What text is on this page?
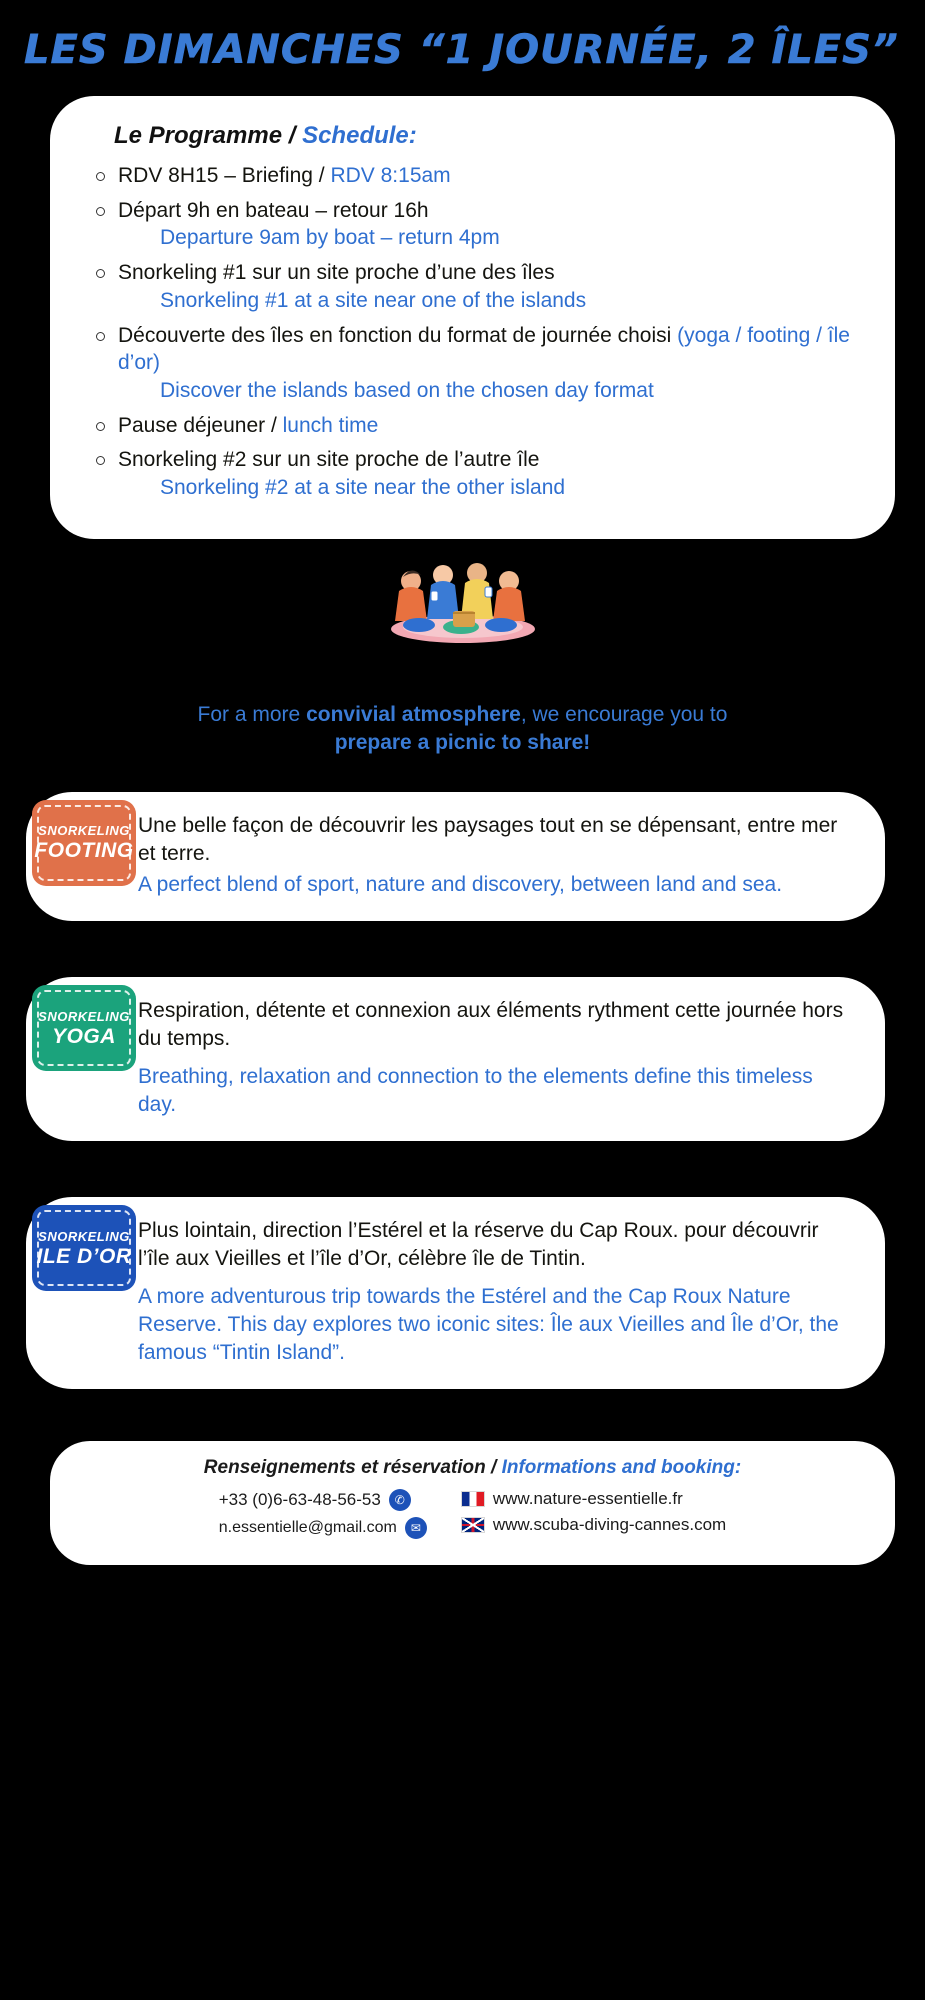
LES DIMANCHES “1 JOURNÉE, 2 ÎLES”
Le Programme / Schedule:
RDV 8H15 – Briefing / RDV 8:15am
Départ 9h en bateau – retour 16h
Departure 9am by boat – return 4pm
Snorkeling #1 sur un site proche d’une des îles
Snorkeling #1 at a site near one of the islands
Découverte des îles en fonction du format de journée choisi (yoga / footing / île d’or)
Discover the islands based on the chosen day format
Pause déjeuner / lunch time
Snorkeling #2 sur un site proche de l’autre île
Snorkeling #2 at a site near the other island
For a more convivial atmosphere, we encourage you to
prepare a picnic to share!
SNORKELING
FOOTING

Une belle façon de découvrir les paysages tout en se dépensant, entre mer et terre.

A perfect blend of sport, nature and discovery, between land and sea.

SNORKELING
YOGA

Respiration, détente et connexion aux éléments rythment cette journée hors du temps.

Breathing, relaxation and connection to the elements define this timeless day.

SNORKELING
ILE D’OR

Plus lointain, direction l’Estérel et la réserve du Cap Roux. pour découvrir l’île aux Vieilles et l’île d’Or, célèbre île de Tintin.

A more adventurous trip towards the Estérel and the Cap Roux Nature Reserve. This day explores two iconic sites: Île aux Vieilles and Île d’Or, the famous “Tintin Island”.

Renseignements et réservation / Informations and booking:
+33 (0)6-63-48-56-53	✆
n.essentielle@gmail.com	✉
www.nature-essentielle.fr
www.scuba-diving-cannes.com
